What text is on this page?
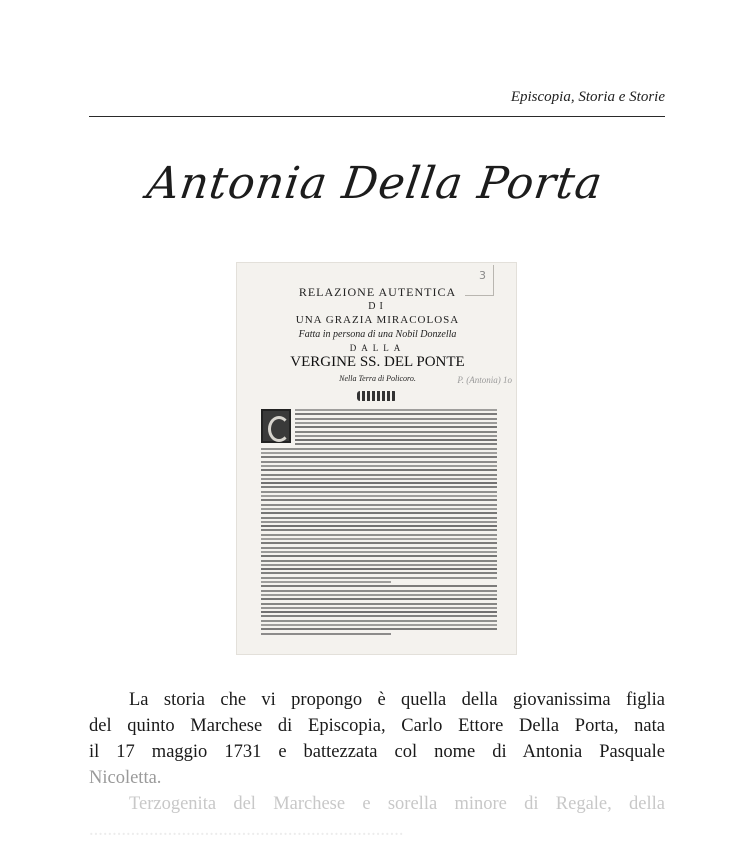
Episcopia, Storia e Storie
Antonia Della Porta
3
RELAZIONE AUTENTICA
DI
UNA GRAZIA MIRACOLOSA
Fatta in persona di una Nobil Donzella
DALLA
VERGINE SS. DEL PONTE
Nella Terra di Policoro.	P. (Antonia) 1o
La storia che vi propongo è quella della giovanissima figlia
del quinto Marchese di Episcopia, Carlo Ettore Della Porta, nata
il 17 maggio 1731 e battezzata col nome di Antonia Pasquale
Nicoletta.
Terzogenita del Marchese e sorella minore di Regale, della
....................................................................
